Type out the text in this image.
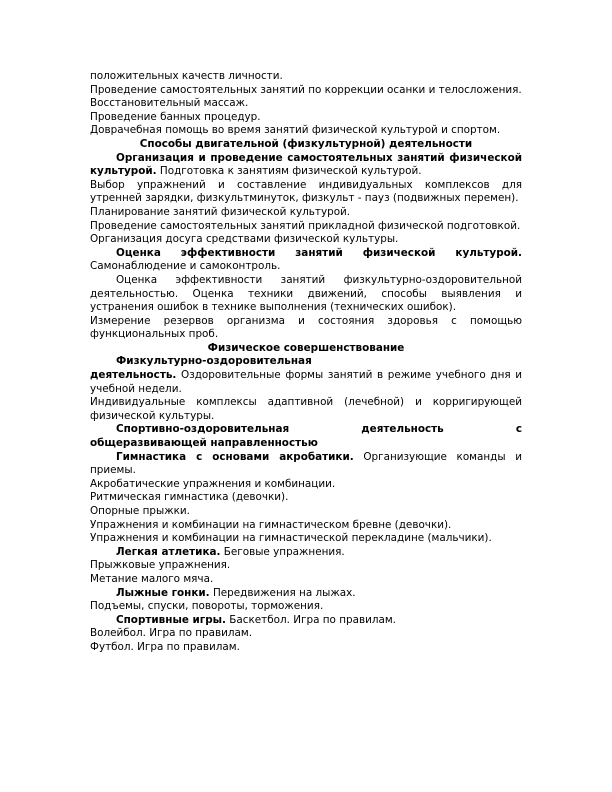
положительных качеств личности.

Проведение самостоятельных занятий по коррекции осанки и телосложения.

Восстановительный массаж.

Проведение банных процедур.

Доврачебная помощь во время занятий физической культурой и спортом.

Способы двигательной (физкультурной) деятельности

Организация и проведение самостоятельных занятий физической культурой. Подготовка к занятиям физической культурой.

Выбор упражнений и составление индивидуальных комплексов для утренней зарядки, физкультминуток, физкульт - пауз (подвижных перемен).

Планирование занятий физической культурой.

Проведение самостоятельных занятий прикладной физической подготовкой.

Организация досуга средствами физической культуры.

Оценка эффективности занятий физической культурой. Самонаблюдение и самоконтроль.

Оценка эффективности занятий физкультурно-оздоровительной деятельностью. Оценка техники движений, способы выявления и устранения ошибок в технике выполнения (технических ошибок).

Измерение резервов организма и состояния здоровья с помощью функциональных проб.

Физическое совершенствование

Физкультурно-оздоровительная

деятельность. Оздоровительные формы занятий в режиме учебного дня и учебной недели.

Индивидуальные комплексы адаптивной (лечебной) и корригирующей физической культуры.

Спортивно-оздоровительная деятельность с

общеразвивающей направленностью

Гимнастика с основами акробатики. Организующие команды и приемы.

Акробатические упражнения и комбинации.

Ритмическая гимнастика (девочки).

Опорные прыжки.

Упражнения и комбинации на гимнастическом бревне (девочки).

Упражнения и комбинации на гимнастической перекладине (мальчики).

Легкая атлетика. Беговые упражнения.

Прыжковые упражнения.

Метание малого мяча.

Лыжные гонки. Передвижения на лыжах.

Подъемы, спуски, повороты, торможения.

Спортивные игры. Баскетбол. Игра по правилам.

Волейбол. Игра по правилам.

Футбол. Игра по правилам.
